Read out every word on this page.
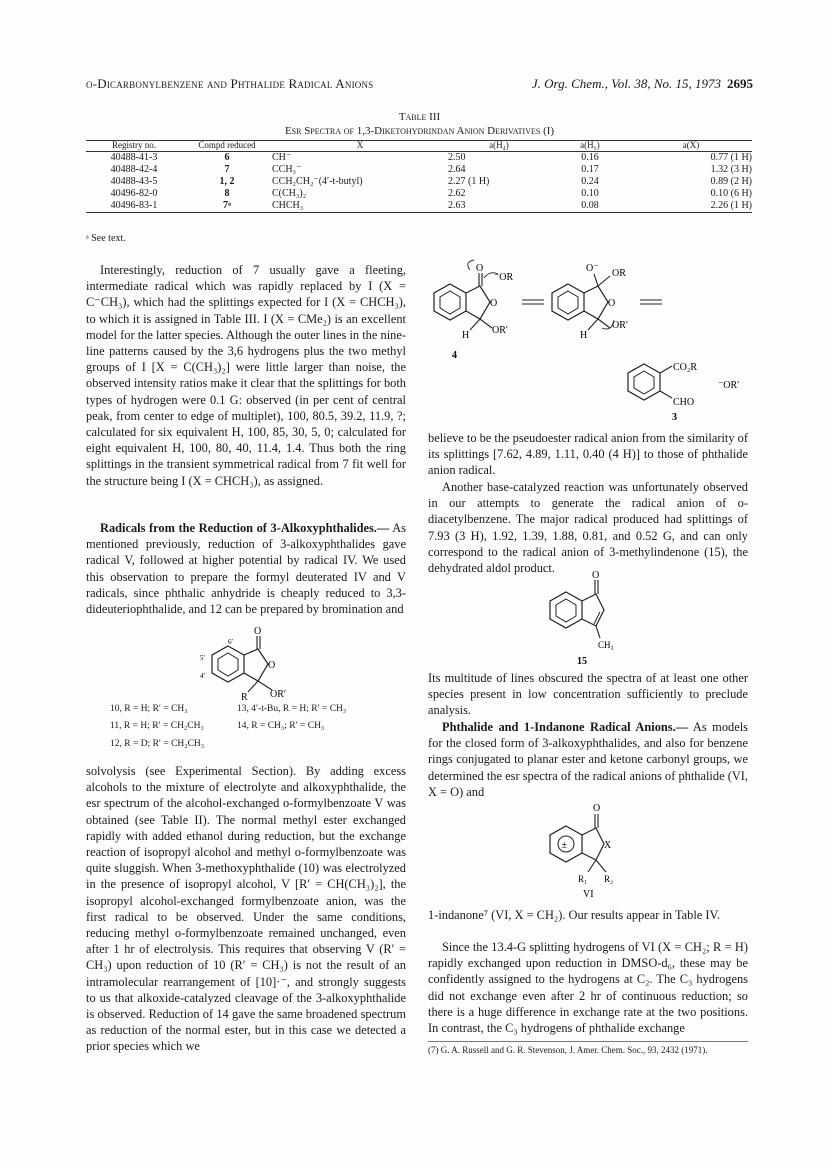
o-Dicarbonylbenzene and Phthalide Radical Anions	J. Org. Chem., Vol. 38, No. 15, 1973 2695
Table III
Esr Spectra of 1,3-Diketohydrindan Anion Derivatives (I)
Registry no.	Compd reduced	X	a(H₄)	a(H₅)	a(X)
40488-41-3	6	CH⁻	2.50	0.16	0.77 (1 H)
40488-42-4	7	CCH₃⁻	2.64	0.17	1.32 (3 H)
40488-43-5	1, 2	CCH₂CH₂⁻(4′-t-butyl)	2.27 (1 H)	0.24	0.89 (2 H)
40496-82-0	8	C(CH₃)₂	2.62	0.10	0.10 (6 H)
40496-83-1	7ᵃ	CHCH₃	2.63	0.08	2.26 (1 H)
ᵃ See text.

Interestingly, reduction of 7 usually gave a fleeting, intermediate radical which was rapidly replaced by I (X = C⁻CH₃), which had the splittings expected for I (X = CHCH₃), to which it is assigned in Table III. I (X = CMe₂) is an excellent model for the latter species. Although the outer lines in the nine-line patterns caused by the 3,6 hydrogens plus the two methyl groups of I [X = C(CH₃)₂] were little larger than noise, the observed intensity ratios make it clear that the splittings for both types of hydrogen were 0.1 G: observed (in per cent of central peak, from center to edge of multiplet), 100, 80.5, 39.2, 11.9, ?; calculated for six equivalent H, 100, 85, 30, 5, 0; calculated for eight equivalent H, 100, 80, 40, 11.4, 1.4. Thus both the ring splittings in the transient symmetrical radical from 7 fit well for the structure being I (X = CHCH₃), as assigned.

Radicals from the Reduction of 3-Alkoxyphthalides.— As mentioned previously, reduction of 3-alkoxyphthalides gave radical V, followed at higher potential by radical IV. We used this observation to prepare the formyl deuterated IV and V radicals, since phthalic anhydride is cheaply reduced to 3,3-dideuteriophthalide, and 12 can be prepared by bromination and

O
O
OR′
R
6′
5′
4′
10, R = H; R′ = CH₃	13, 4′-t-Bu, R = H; R′ = CH₃
11, R = H; R′ = CH₂CH₃	14, R = CH₃; R′ = CH₃
12, R = D; R′ = CH₂CH₃

solvolysis (see Experimental Section). By adding excess alcohols to the mixture of electrolyte and alkoxyphthalide, the esr spectrum of the alcohol-exchanged o-formylbenzoate V was obtained (see Table II). The normal methyl ester exchanged rapidly with added ethanol during reduction, but the exchange reaction of isopropyl alcohol and methyl o-formylbenzoate was quite sluggish. When 3-methoxyphthalide (10) was electrolyzed in the presence of isopropyl alcohol, V [R′ = CH(CH₃)₂], the isopropyl alcohol-exchanged formylbenzoate anion, was the first radical to be observed. Under the same conditions, reducing methyl o-formylbenzoate remained unchanged, even after 1 hr of electrolysis. This requires that observing V (R′ = CH₃) upon reduction of 10 (R′ = CH₃) is not the result of an intramolecular rearrangement of [10]·⁻, and strongly suggests to us that alkoxide-catalyzed cleavage of the 3-alkoxyphthalide is observed. Reduction of 14 gave the same broadened spectrum as reduction of the normal ester, but in this case we detected a prior species which we

O
⁻OR
O
H OR′
4
O⁻ OR
O
H
OR′
CO₂R
CHO
⁻OR′
3

believe to be the pseudoester radical anion from the similarity of its splittings [7.62, 4.89, 1.11, 0.40 (4 H)] to those of phthalide anion radical.

Another base-catalyzed reaction was unfortunately observed in our attempts to generate the radical anion of o-diacetylbenzene. The major radical produced had splittings of 7.93 (3 H), 1.92, 1.39, 1.88, 0.81, and 0.52 G, and can only correspond to the radical anion of 3-methylindenone (15), the dehydrated aldol product.

O
CH₃
15

Its multitude of lines obscured the spectra of at least one other species present in low concentration sufficiently to preclude analysis.

Phthalide and 1-Indanone Radical Anions.— As models for the closed form of 3-alkoxyphthalides, and also for benzene rings conjugated to planar ester and ketone carbonyl groups, we determined the esr spectra of the radical anions of phthalide (VI, X = O) and

±
O
X
R₁ R₂
VI

1-indanone⁷ (VI, X = CH₂). Our results appear in Table IV.

Since the 13.4-G splitting hydrogens of VI (X = CH₂; R = H) rapidly exchanged upon reduction in DMSO-d₆, these may be confidently assigned to the hydrogens at C₂. The C₃ hydrogens did not exchange even after 2 hr of continuous reduction; so there is a huge difference in exchange rate at the two positions. In contrast, the C₃ hydrogens of phthalide exchange

(7) G. A. Russell and G. R. Stevenson, J. Amer. Chem. Soc., 93, 2432 (1971).
